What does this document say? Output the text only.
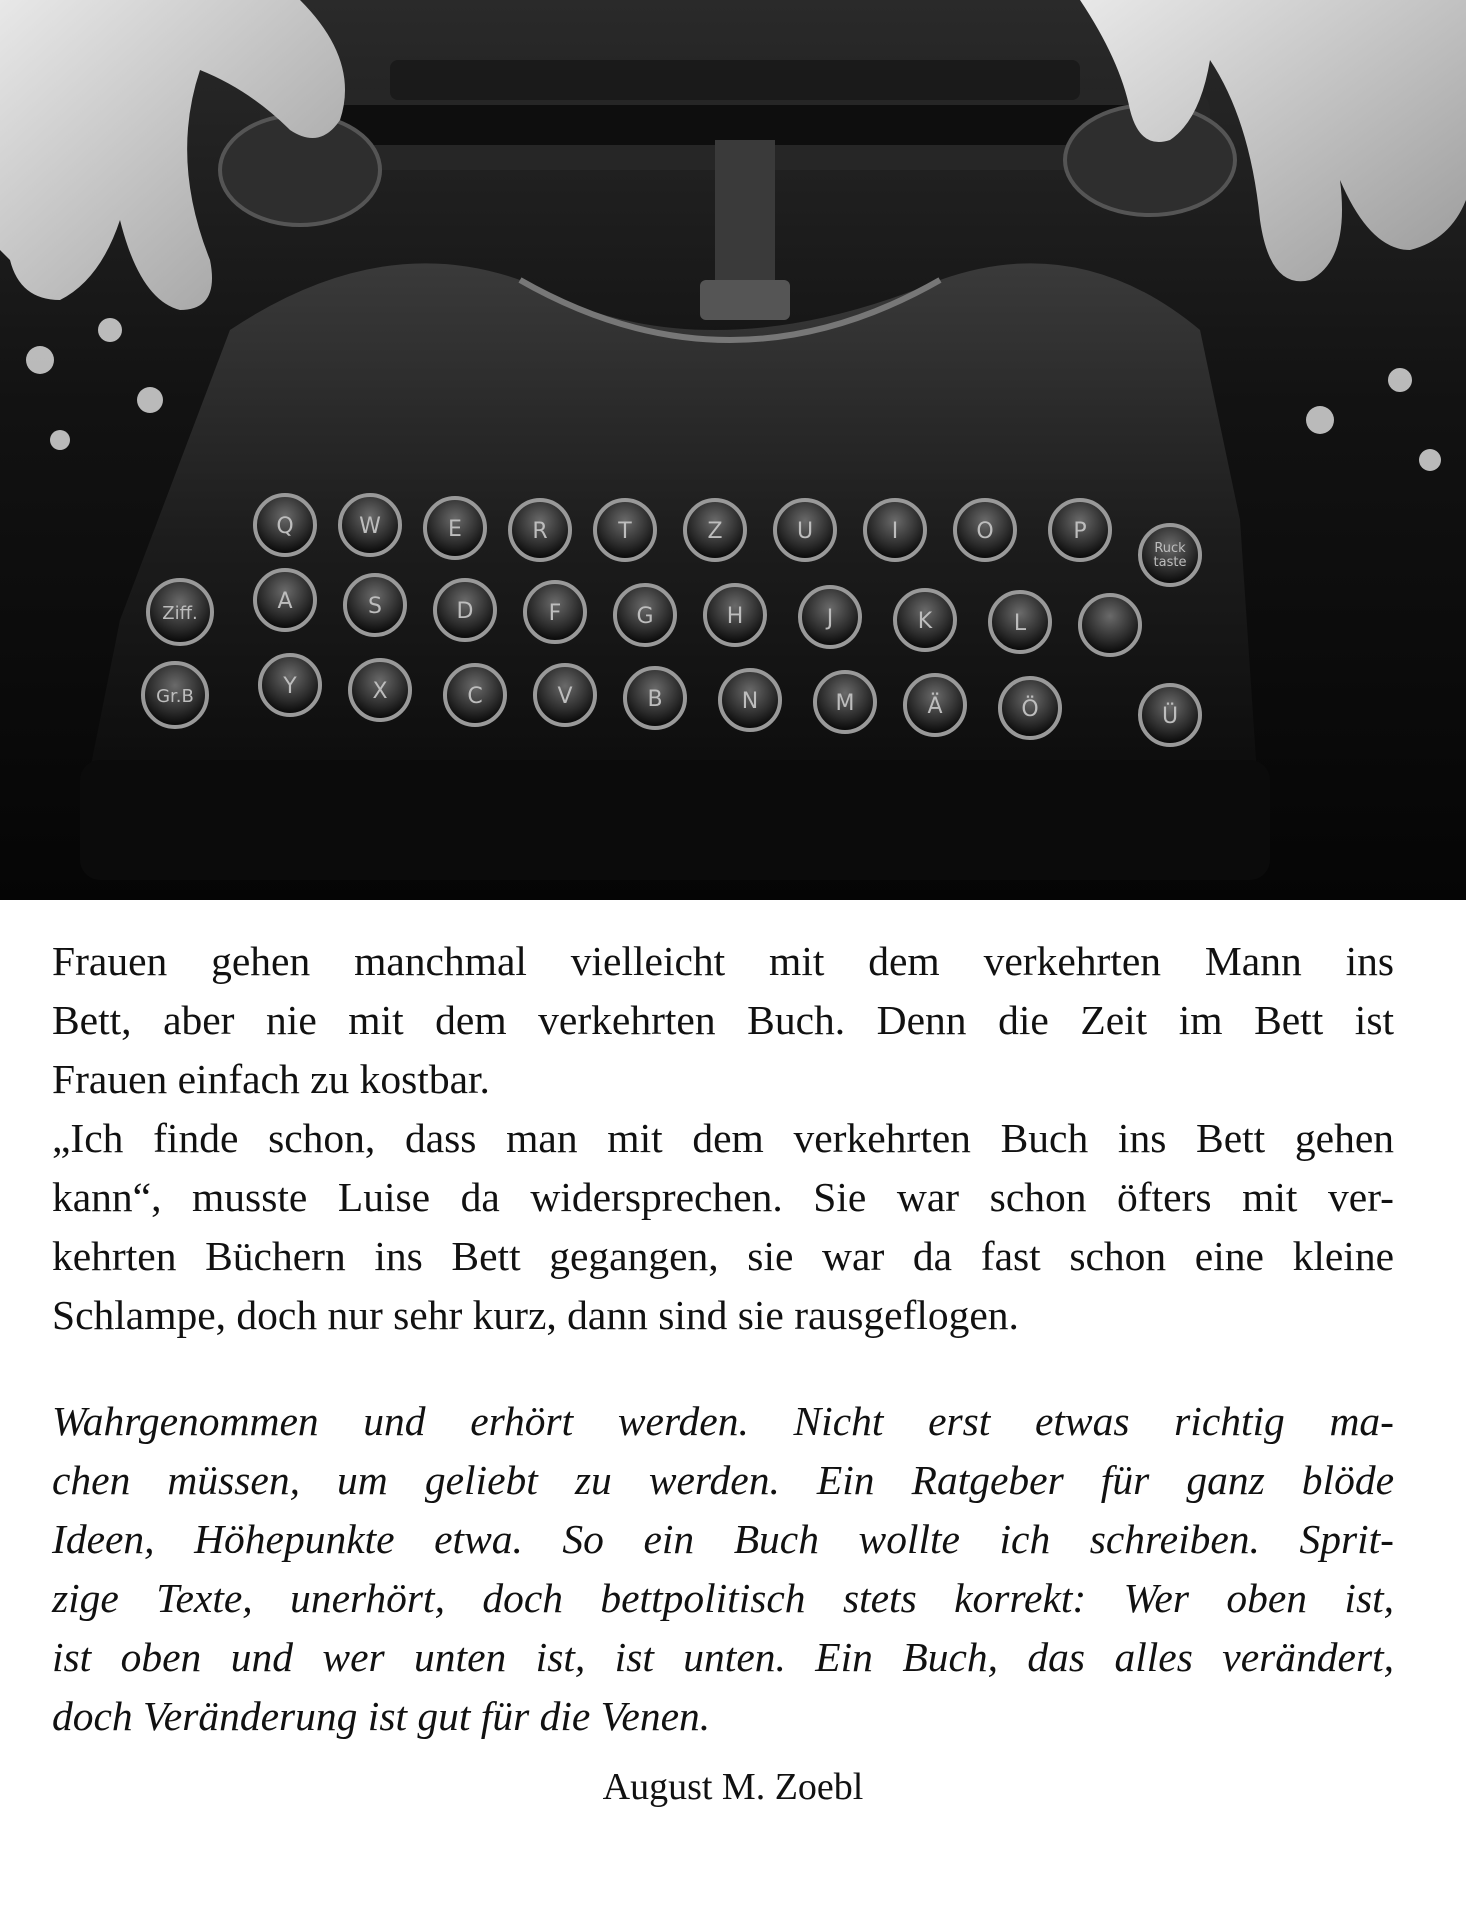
Q	W	E	R	T	Z	U	I	O	P
A	S	D	F	G	H	J	K	L
Y	X	C	V	B	N	M	Ä	Ö	Ü
Ziff.
Gr.B
Ruck
taste

Frauen gehen manchmal vielleicht mit dem verkehrten Mann ins
Bett, aber nie mit dem verkehrten Buch. Denn die Zeit im Bett ist
Frauen einfach zu kostbar.

„Ich finde schon, dass man mit dem verkehrten Buch ins Bett gehen
kann“, musste Luise da widersprechen. Sie war schon öfters mit ver-
kehrten Büchern ins Bett gegangen, sie war da fast schon eine kleine
Schlampe, doch nur sehr kurz, dann sind sie rausgeflogen.

Wahrgenommen und erhört werden. Nicht erst etwas richtig ma-
chen müssen, um geliebt zu werden. Ein Ratgeber für ganz blöde
Ideen, Höhepunkte etwa. So ein Buch wollte ich schreiben. Sprit-
zige Texte, unerhört, doch bettpolitisch stets korrekt: Wer oben ist,
ist oben und wer unten ist, ist unten. Ein Buch, das alles verändert,
doch Veränderung ist gut für die Venen.

August M. Zoebl
